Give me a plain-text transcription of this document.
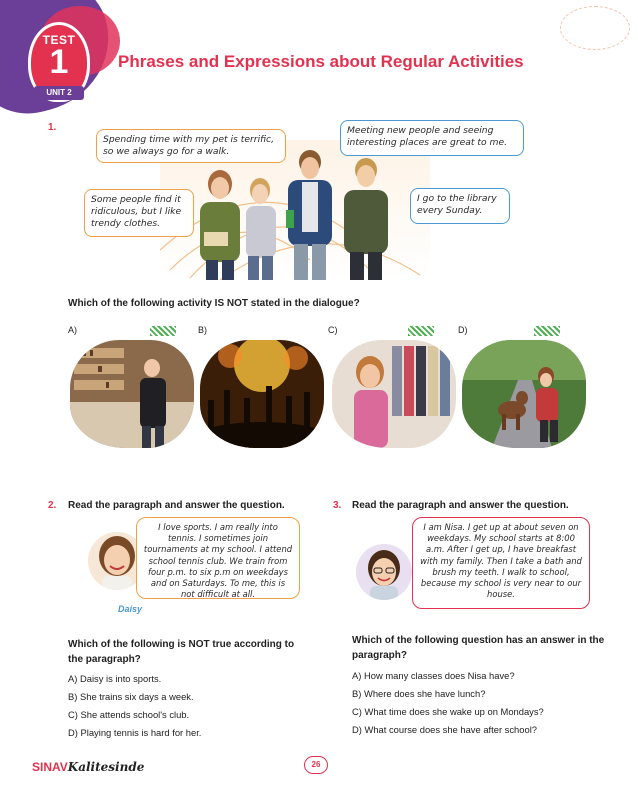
TEST
1
UNIT 2
Phrases and Expressions about Regular Activities
1.
Spending time with my pet is terrific, so we always go for a walk.
Meeting new people and seeing interesting places are great to me.
Some people find it ridiculous, but I like trendy clothes.
I go to the library every Sunday.
Which of the following activity IS NOT stated in the dialogue?
A)	B)	C)	D)
2. Read the paragraph and answer the question.
Daisy
I love sports. I am really into tennis. I sometimes join tournaments at my school. I attend school tennis club. We train from four p.m. to six p.m on weekdays and on Saturdays. To me, this is not difficult at all.
Which of the following is NOT true according to the paragraph?
A) Daisy is into sports.
B) She trains six days a week.
C) She attends school's club.
D) Playing tennis is hard for her.
3. Read the paragraph and answer the question.
I am Nisa. I get up at about seven on weekdays. My school starts at 8:00 a.m. After I get up, I have breakfast with my family. Then I take a bath and brush my teeth. I walk to school, because my school is very near to our house.
Which of the following question has an answer in the paragraph?
A) How many classes does Nisa have?
B) Where does she have lunch?
C) What time does she wake up on Mondays?
D) What course does she have after school?
SINAVKalitesinde	26
